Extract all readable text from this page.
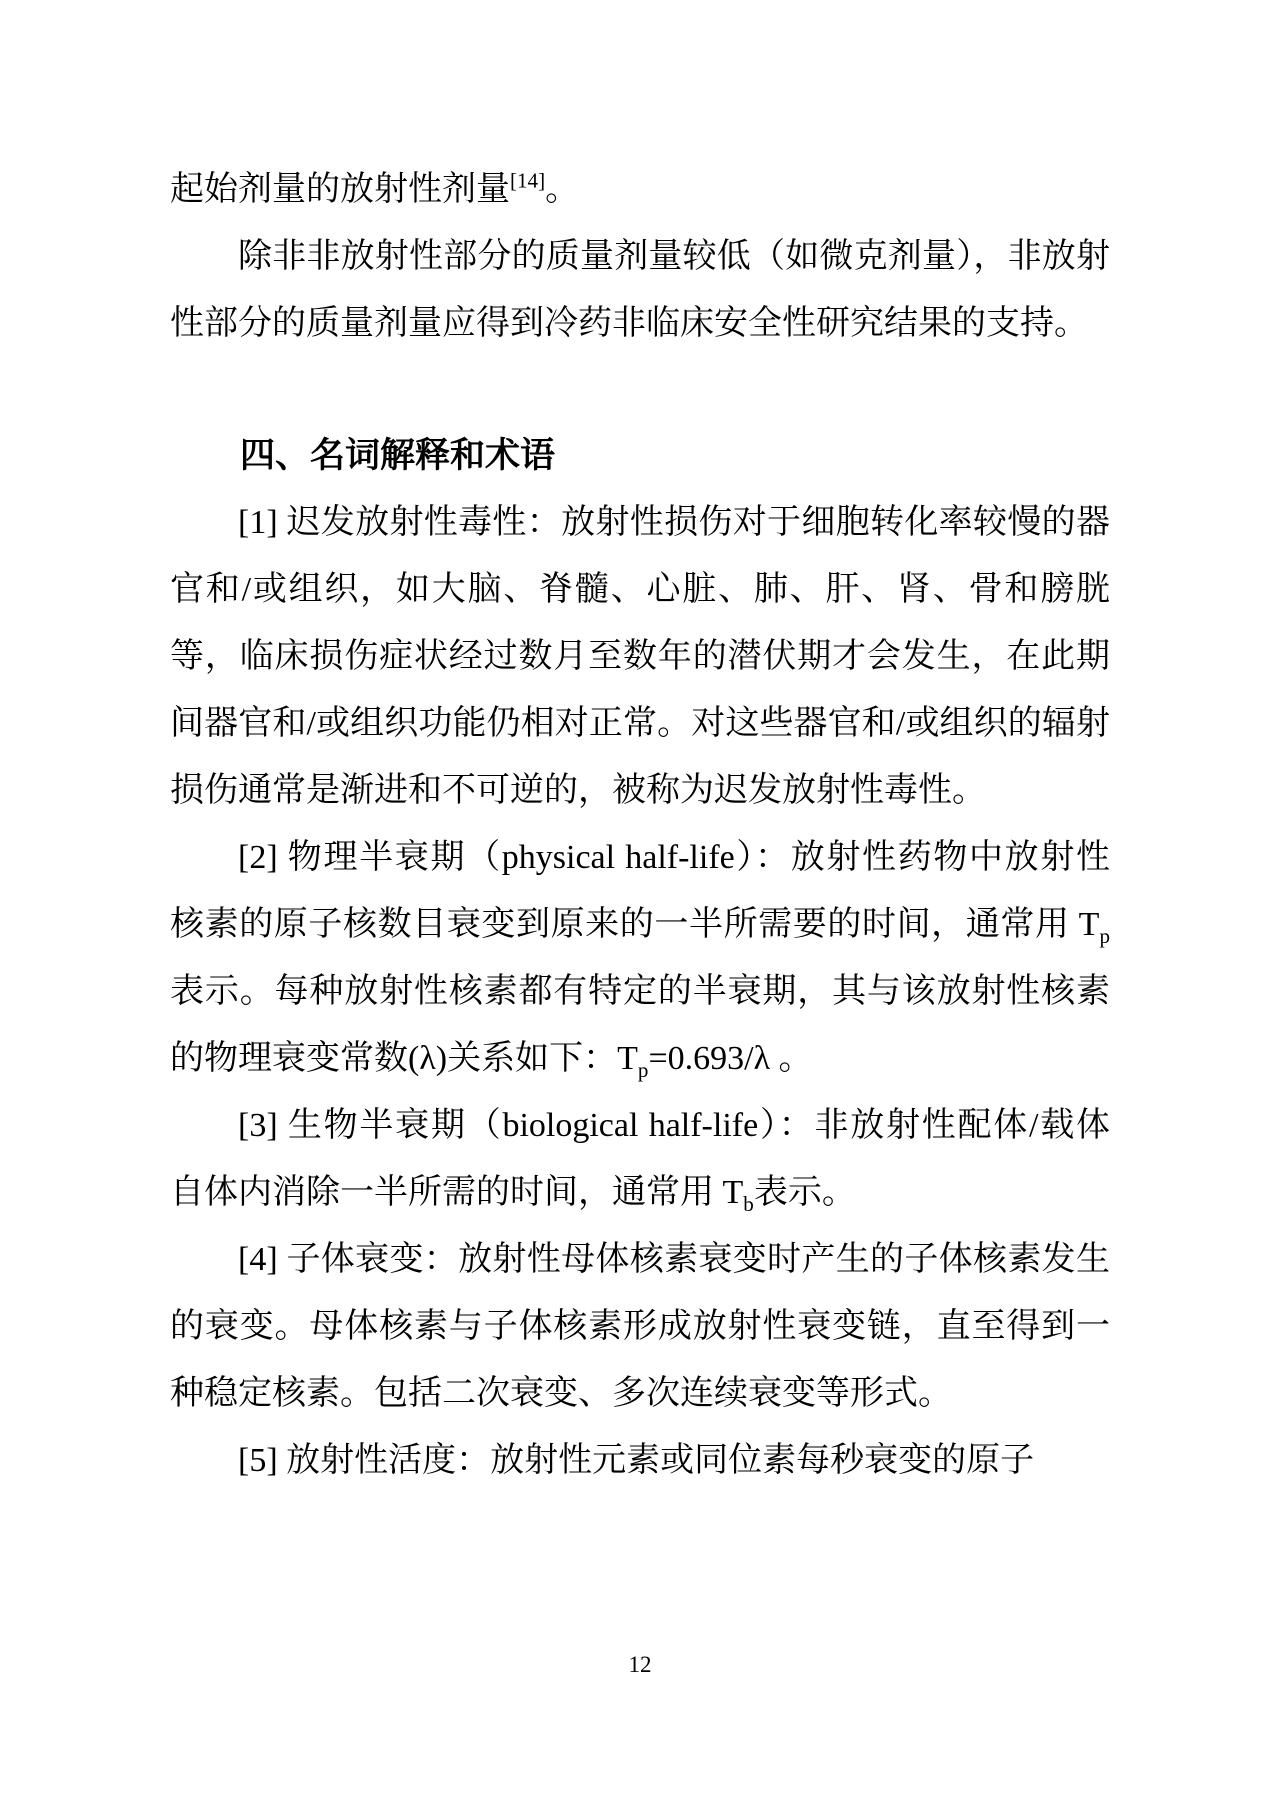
起始剂量的放射性剂量[14]。

除非非放射性部分的质量剂量较低（如微克剂量），非放射性部分的质量剂量应得到冷药非临床安全性研究结果的支持。

四、名词解释和术语

[1] 迟发放射性毒性：放射性损伤对于细胞转化率较慢的器官和/或组织，如大脑、脊髓、心脏、肺、肝、肾、骨和膀胱等，临床损伤症状经过数月至数年的潜伏期才会发生，在此期间器官和/或组织功能仍相对正常。对这些器官和/或组织的辐射损伤通常是渐进和不可逆的，被称为迟发放射性毒性。

[2] 物理半衰期（physical half-life）：放射性药物中放射性核素的原子核数目衰变到原来的一半所需要的时间，通常用 $T_p$表示。每种放射性核素都有特定的半衰期，其与该放射性核素的物理衰变常数(λ)关系如下：$T_p=0.693/\lambda$ 。

[3] 生物半衰期（biological half-life）：非放射性配体/载体自体内消除一半所需的时间，通常用 $T_b$表示。

[4] 子体衰变：放射性母体核素衰变时产生的子体核素发生的衰变。母体核素与子体核素形成放射性衰变链，直至得到一种稳定核素。包括二次衰变、多次连续衰变等形式。

[5] 放射性活度：放射性元素或同位素每秒衰变的原子

12
